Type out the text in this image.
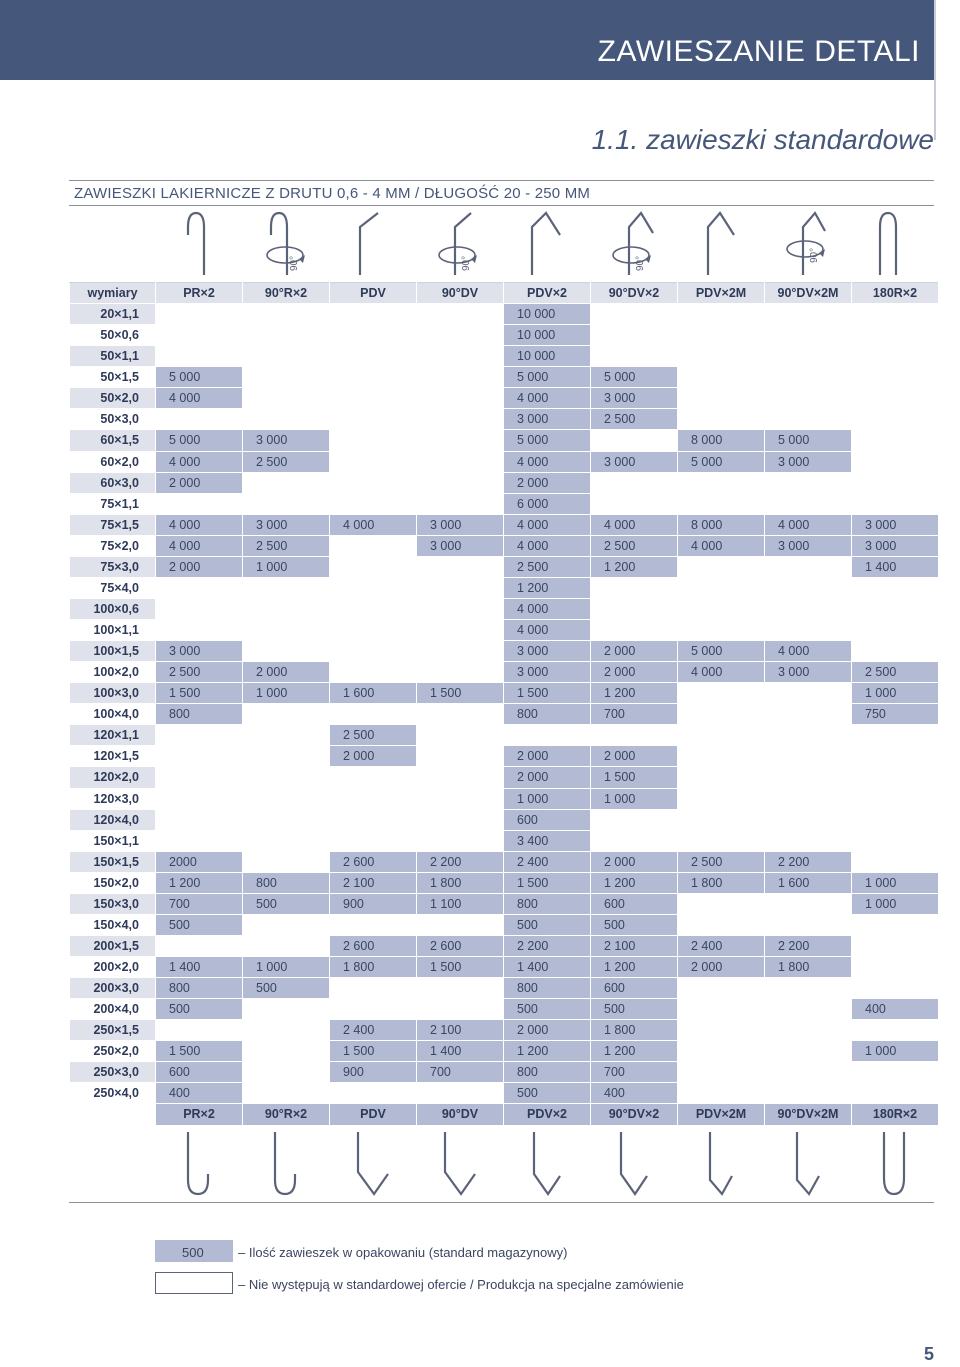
ZAWIESZANIE DETALI
1.1. zawieszki standardowe
ZAWIESZKI LAKIERNICZE Z DRUTU 0,6 - 4 MM / DŁUGOŚĆ 20 - 250 MM
90°	90°	90°
90°
wymiary	PR×2	90°R×2	PDV	90°DV	PDV×2	90°DV×2	PDV×2M	90°DV×2M	180R×2
20×1,1					10 000				
50×0,6					10 000				
50×1,1					10 000				
50×1,5	5 000				5 000	5 000			
50×2,0	4 000				4 000	3 000			
50×3,0					3 000	2 500			
60×1,5	5 000	3 000			5 000		8 000	5 000	
60×2,0	4 000	2 500			4 000	3 000	5 000	3 000	
60×3,0	2 000				2 000				
75×1,1					6 000				
75×1,5	4 000	3 000	4 000	3 000	4 000	4 000	8 000	4 000	3 000
75×2,0	4 000	2 500		3 000	4 000	2 500	4 000	3 000	3 000
75×3,0	2 000	1 000			2 500	1 200			1 400
75×4,0					1 200				
100×0,6					4 000				
100×1,1					4 000				
100×1,5	3 000				3 000	2 000	5 000	4 000	
100×2,0	2 500	2 000			3 000	2 000	4 000	3 000	2 500
100×3,0	1 500	1 000	1 600	1 500	1 500	1 200			1 000
100×4,0	800				800	700			750
120×1,1			2 500						
120×1,5			2 000		2 000	2 000			
120×2,0					2 000	1 500			
120×3,0					1 000	1 000			
120×4,0					600				
150×1,1					3 400				
150×1,5	2000		2 600	2 200	2 400	2 000	2 500	2 200	
150×2,0	1 200	800	2 100	1 800	1 500	1 200	1 800	1 600	1 000
150×3,0	700	500	900	1 100	800	600			1 000
150×4,0	500				500	500			
200×1,5			2 600	2 600	2 200	2 100	2 400	2 200	
200×2,0	1 400	1 000	1 800	1 500	1 400	1 200	2 000	1 800	
200×3,0	800	500			800	600			
200×4,0	500				500	500			400
250×1,5			2 400	2 100	2 000	1 800			
250×2,0	1 500		1 500	1 400	1 200	1 200			1 000
250×3,0	600		900	700	800	700			
250×4,0	400				500	400			
	PR×2	90°R×2	PDV	90°DV	PDV×2	90°DV×2	PDV×2M	90°DV×2M	180R×2
500	– Ilość zawieszek w opakowaniu (standard magazynowy)
– Nie występują w standardowej ofercie / Produkcja na specjalne zamówienie
5
